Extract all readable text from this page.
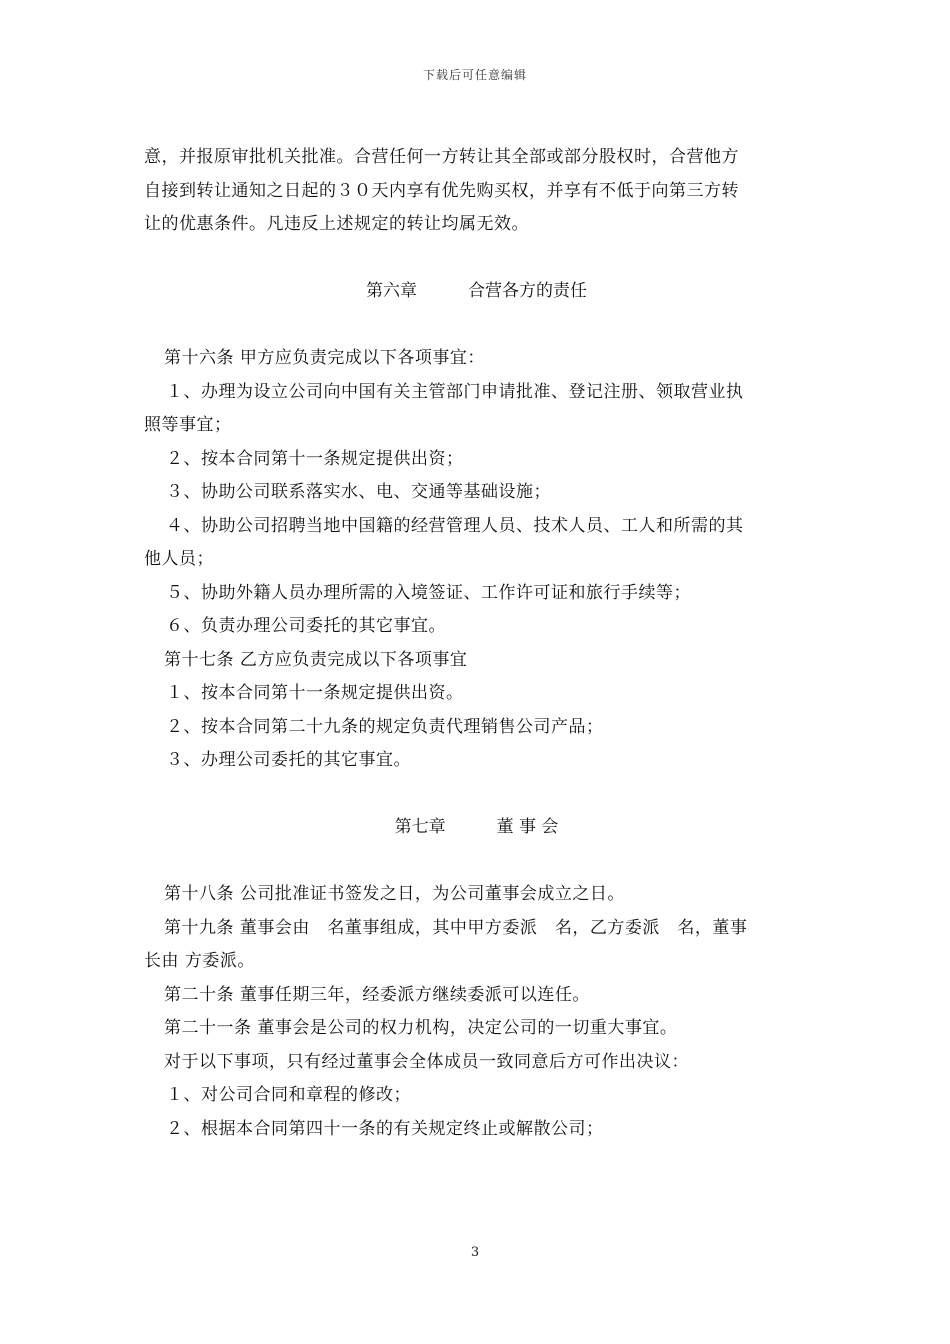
下载后可任意编辑
意，并报原审批机关批准。合营任何一方转让其全部或部分股权时，合营他方
自接到转让通知之日起的３０天内享有优先购买权，并享有不低于向第三方转
让的优惠条件。凡违反上述规定的转让均属无效。
第六章　　　合营各方的责任
第十六条 甲方应负责完成以下各项事宜：
１、办理为设立公司向中国有关主管部门申请批准、登记注册、领取营业执
照等事宜；
２、按本合同第十一条规定提供出资；
３、协助公司联系落实水、电、交通等基础设施；
４、协助公司招聘当地中国籍的经营管理人员、技术人员、工人和所需的其
他人员；
５、协助外籍人员办理所需的入境签证、工作许可证和旅行手续等；
６、负责办理公司委托的其它事宜。
第十七条 乙方应负责完成以下各项事宜
１、按本合同第十一条规定提供出资。
２、按本合同第二十九条的规定负责代理销售公司产品；
３、办理公司委托的其它事宜。
第七章　　　董 事 会
第十八条 公司批准证书签发之日，为公司董事会成立之日。
第十九条 董事会由　名董事组成，其中甲方委派　名，乙方委派　名，董事
长由 方委派。
第二十条 董事任期三年，经委派方继续委派可以连任。
第二十一条 董事会是公司的权力机构，决定公司的一切重大事宜。
对于以下事项，只有经过董事会全体成员一致同意后方可作出决议：
１、对公司合同和章程的修改；
２、根据本合同第四十一条的有关规定终止或解散公司；
3
